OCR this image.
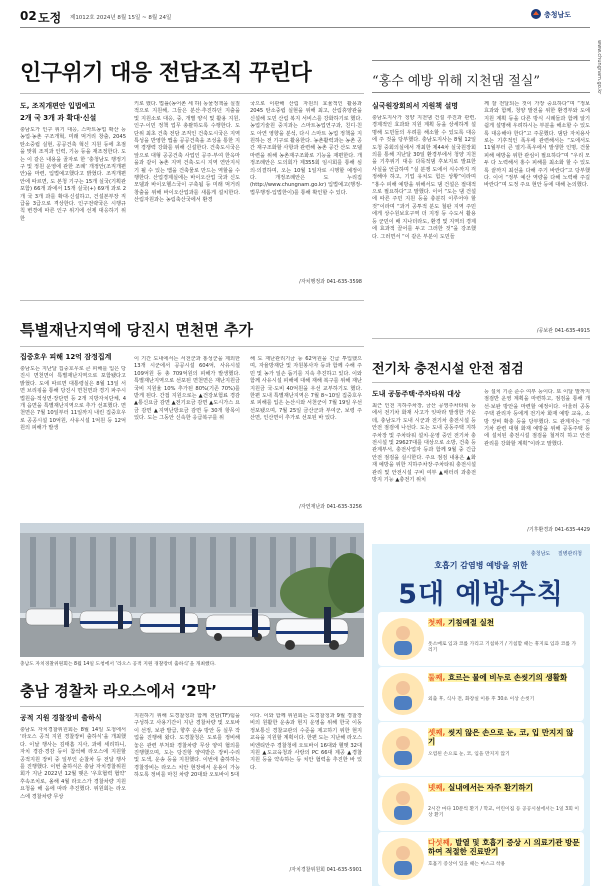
02 도정 제1012호 2024년 8월 15일 ~ 8월 24일	충청남도
www.chungnam.go.kr
인구위기 대응 전담조직 꾸린다
도, 조직개편안 입법예고
2개 국 3개 과 확대·신설
충남도가 인구 위기 대응, 스마트농업 확산 등 농업·농촌 구조개혁, 미래 먹거리 창출, 2045 탄소중립 실현, 공공건축 혁신 지원 등에 초점을 맞춰 조직과 인력, 기능 등을 재조정한다. 도는 이 같은 내용을 골자로 한 ‘충청남도 행정기구 및 정원 운영에 관한 조례’ 개정안(조직개편안)을 마련, 입법예고했다고 밝혔다. 조직개편안에 따르면, 도 본청 기구는 15개 실국(기획관 포함) 66개 과에서 15개 실국(+) 69개 과로 2개 국 3개 과를 확대·신설하고, 건설본부장 직급을 3급으로 격상한다. 인구전략국은 시행규칙 변경에 따른 인구 위기에 선제 대응하기 위한
키로 했다. 법률(농어촌 세 하) 동물정책을 실질적으로 지원해, 그들은 분산·추진하던 지출을 및 지원소로 대응, 중, 개별 양식 및 활용 지원, 인구·이민 정책 업무 총괄하도록 수행한다. 도 단위 최초 건축 전담 조직인 건축도시국은 지역 특성을 반영한 맵을 공공건축을 조성을 통한 지역 경쟁력 강화를 위해 신설한다. 건축도시국은 앞으로 대형 공공건축 사업인 공주·부여 한옥마을과 같이 농촌 지역 건축·도시 지역 연안지식기 될 수 있는 맵을 건축물로 만드는 역할을 수행한다. 산업경제실에는 바이오산업 국과 신도 모델과 바이오헬스국이 구축됨 등 미래 먹거리 창출을 위해 바이오산업과를 새롭게 설치한다. 산림자원과는 농림축산국에서 환경
국으로 이관해 산림 자원의 효율적인 활용과 2045 탄소중립 실현을 위해 최고, 산림휴양관을 신설해 도민 산림 복지 서비스를 강화하기로 했다. 농업기술원 중지과는 스마트농업연구과, 친디·친도 아연 영향을 분석, 다시 스마트 농업 정책을 지원하는 전 기구로 활용한다. 농촌활력과는 농촌 공간 재구조화할 사항과 관련해 농촌 공간 산도 모델 마련을 위해 농촌재구조화로 기능을 재편한다. 개정조례안은 도의회가 제355회 임시회를 통해 심의·의결하며, 오는 10월 1일자로 시행할 예정이다. 개정조례안은 도 누리집(http://www.chungnam.go.kr) 입법예고(행정-법무행정-입법한이)를 통해 확인할 수 있다.
/자치행정과 041-635-3598
특별재난지역에 당진시 면천면 추가
집중호우 피해 12억 잠정집계
충남도는 지난달 집중호우로 큰 피해를 입은 당진시 면천면이 특별재난지역으로 포함됐다고 밝혔다. 도에 따르면 대통령실은 8월 13일 서면 브리핑을 통해 당진시 면천면과 경기 파주시 법원읍·적성면·장단면 등 2개 지방자치단체, 4개 읍면을 특별재난지역으로 추가 선포했다. 면천면은 7월 10일부터 11일까지 내린 집중호우로 공공시설 10억원, 사유시설 1억원 등 12억원의 피해가 발생
이 기간 도내에서는 서천군과 홍성군을 제외한 13개 시군에서 공공시설 604억, 사유시설 109억원 등 총 709억원의 피해가 발생했다. 특별재난지역으로 선포된 면천면은 재난지원금 국비 지원율 10% 추가된 80%(기존 70%)를 받게 된다. 간접 지원으로는 ▲건강보험료 경감 ▲통신요금 감면 ▲전기요금 감면 ▲도시가스 요금 감면 ▲지역난방요금 감면 등 30개 항목이 있다. 도는 그동안 신속한 응급복구를 위
해 도 재난관리기금 등 62억원을 긴급 투입했으며, 자율방재단 및 자원봉사자 등과 함께 수해 주민 및 농가 일손 돕기를 지속 추진하고 있다. 이와 함께 사유시설 피해에 대해 재해 복구를 위해 재난지원금 국·도비 40억원을 우선 교부하기도 했다. 한편 도내 특별재난지역은 7월 8~10일 집중호우로 피해를 입은 논산시와 서천군이 7월 19일 우선 선포됐으며, 7월 25일 금산군과 부여군, 보령 주산면, 인산면이 추가로 선포된 바 있다.
/자연재난과 041-635-3256
충남도 자치경찰위원회는 8월 14일 도청에서 ‘라오스 공적 지원 경찰장비 출하식’을 개최했다.
충남 경찰차 라오스에서 ‘2막’
공적 지원 경찰장비 출하식
충남도 자치경찰위원회는 8월 14일 도청에서 ‘라오스 공적 지원 경찰장비 출하식’을 개최했다. 이날 행사는 김태흠 지사, 과에 세리하니, 자치 경감·경감 등이 참석해 라오스에 지원할 공적지원 장비 중 일부인 순찰차 등 전달 행사를 진행했다. 이번 출하식은 충남 자치경찰위원회가 지난 2022년 12월 맺은 ‘우호협력 협약’ 후속조치로, 올해 4월 라오스가 경찰차량 지원 요청을 해 옴에 따라 추진했다. 위원회는 라오스에 경찰차량 무상
지원하기 위해 도경찰청과 함께 전담(TF)팀을 구성하고 사용기간이 지난 경찰차량 및 오토바이 선정, 보관 발급, 향후 운송 방안 등 실무 작업을 진행해 왔다. 도경찰청은 도로를 정비해 놓은 관련 부처와 경찰차량 무상 양여 협의를 진행했으며, 도는 당진항 양여받은 장비·수리 및 도색, 운송 등을 지원했다. 이번에 출하하는 경찰장비는 라오스 치안 현장에서 운용이 가능하도록 정비를 마친 차량 20대와 오토바이 5대
이다. 이와 함께 위원회는 도경찰청과 9월 경찰장비의 원활한 운송과 현지 운영을 위해 한국 이동 정보통신 경찰교관의 수준을 제고하기 위한 현지 교육을 지원할 계획이다. 한편 도는 지난해 라오스 비엔티안주 경찰청에 오토바이 16대와 헬멧 32대 지원 ▲도교육청과 사랑의 PC 66대 제공 ▲경찰 지원 등을 약속하는 등 치안 협력을 추진한 바 있다.
/자치경찰위원회 041-635-5901
“홍수 예방 위해 지천댐 절실”
실국원장회의서 지원책 설명
충남도지사가 청양 지천댐 건설 추진과 관련, 경제적인 효과와 지원 계획 등을 상세하게 설명해 도민들의 우려를 해소할 수 있도록 대응에 주 것을 당부했다. 충남도지사는 8월 12일 도청 중회의실에서 개최한 제44차 실국원장회의를 통해 지난달 30일 환경부에서 청양 지천을 기후위기 대응 다목적댐 후보지로 발표한 사실을 언급하며 “실 분쟁 도에서 식수까지 걱정해야 하고, 기업 유치도 힘든 상황”이라며 “홍수 피해 예방을 위해서도 댐 건설은 절대적으로 필요하다”고 말했다. 이어 “도는 댐 건설에 따른 주민 지원 등을 충분히 이루어야 할 것”이라며 “과거 공투적 분도 철판 지역 주민에게 상수원보호구역 더 지정 등 수도서 활용 등 군민이 배 지나더라도, 환경 및 지역의 경제에 효과적 끌어를 두고 그러한 것”을 강조했다. 그러면서 “이 같은 부분이 도민들
께 잘 전달되는 것이 가장 중요하다”며 “정보 효과와 함께, 청양 발전을 위한 환경부와 도에 지원 계획 등을 다른 방식 시례들과 함께 알기 쉽게 설명해 우려하시는 부분을 해소할 수 있도록 대응해야 한다”고 주문했다. 댐담 자치용사로는 기후적인 폭우에 관련해서는 “도에서도 11월부터 큰 열기·폭우에서 발생한 인명, 건물 피해 예방을 위한 관심이 필요하다”며 “우리 모두 다 노력해서 홍수 피해를 최소화 할 수 있도록 끝까지 최선을 다해 주기 바란다”고 당부했다. 이어 “정부 예산 역량을 다해 노력해 주길 바란다”며 도정 주요 현안 등에 대해 논의했다.
/공보관 041-635-4915
전기차 충전시설 안전 점검
도내 공동주택·주차타워 대상
최근 인천 지하주차장, 금산 공영주차타워 등에서 전기차 화재 사고가 잇따라 발생한 가운데, 충남도가 도내 시군과 전기차 충전시설 등 안전 점검에 나선다. 도는 도내 공동주택 지하주차장 및 주차타워 설치·운영 중인 전기차 충전시설 및 29627대를 대상으로 소방, 건축 등 관계부서, 충전사업자 등과 함께 9월 중 긴급 안전 점검을 실시한다. 주요 점검 내용은 ▲화재 예방을 위한 지하주차장·주차타워 충전시설 관리 및 안전시설 구비 여부 ▲배터리 과충전 방지 기능 ▲충전기 위치
등 설치 기준 준수 여부 등이다. 또 이달 말까지 점검반 운영 계획을 마련하고, 점검을 통해 개선·보완 방안을 마련할 예정이다. 아울러 공동주택 관리자 등에게 전기차 화재 예방 교육, 소방 장비 확충 등을 당부했다. 도 관계자는 “전기차 관련 대형 화재 예방을 위해 공동주택 등에 설치된 충전시설 점검을 철저히 하고 안전 관리를 강화할 계획”이라고 말했다.
/기후환경과 041-635-4429
충청남도 질병관리청
호흡기 감염병 예방을 위한
5대 예방수칙
첫째, 기침예절 실천
옷소매로 입과 코를 가리고 기침하기 / 기침할 때는 휴지로 입과 코를 가리기
둘째, 흐르는 물에 비누로 손씻기의 생활화
외출 후, 식사 전, 화장실 이용 후 30초 이상 손씻기
셋째, 씻지 않은 손으로 눈, 코, 입 만지지 않기
오염된 손으로 눈, 코, 입을 만지지 않기
넷째, 실내에서는 자주 환기하기
2시간 마다 10분씩 환기 / 학교, 어린이집 등 공공시설에서는 1일 3회 이상 환기
다섯째, 발열 및 호흡기 증상 시 의료기관 방문하여 적절한 진료받기
호흡기 증상이 있을 때는 마스크 착용
